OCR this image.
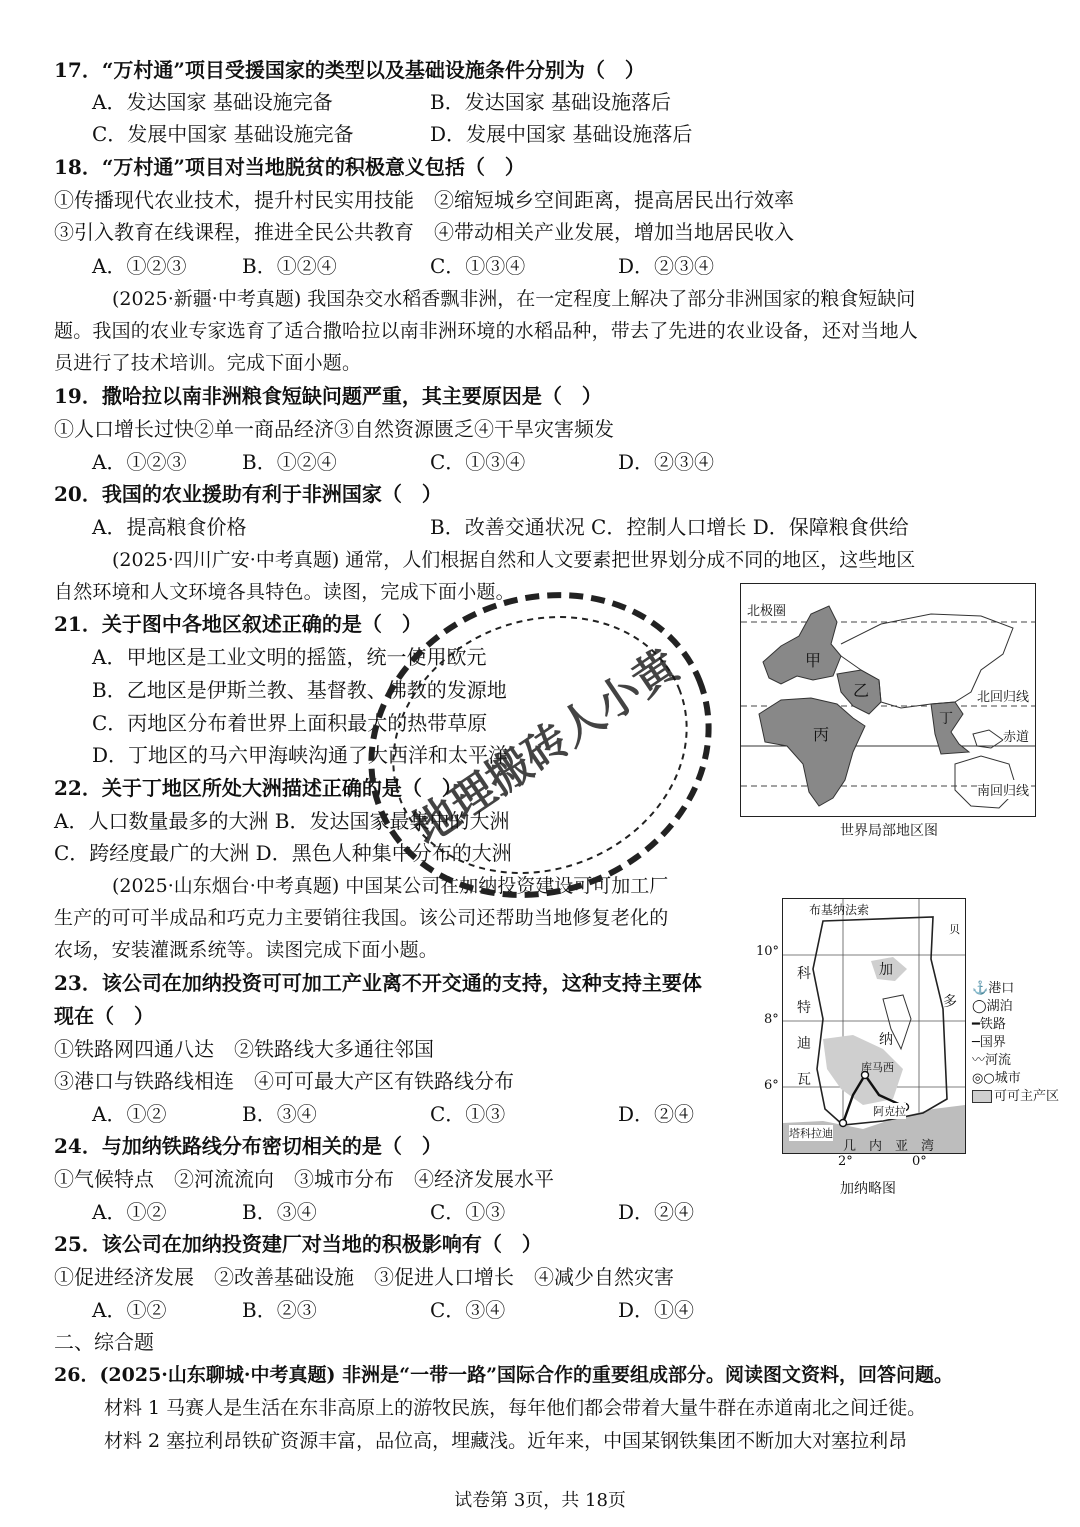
17．“万村通”项目受援国家的类型以及基础设施条件分别为（　）
A．发达国家 基础设施完备	B．发达国家 基础设施落后
C．发展中国家 基础设施完备	D．发展中国家 基础设施落后
18．“万村通”项目对当地脱贫的积极意义包括（　）
①传播现代农业技术，提升村民实用技能　②缩短城乡空间距离，提高居民出行效率
③引入教育在线课程，推进全民公共教育　④带动相关产业发展，增加当地居民收入
A．①②③	B．①②④	C．①③④	D．②③④
(2025·新疆·中考真题) 我国杂交水稻香飘非洲，在一定程度上解决了部分非洲国家的粮食短缺问
题。我国的农业专家选育了适合撒哈拉以南非洲环境的水稻品种，带去了先进的农业设备，还对当地人
员进行了技术培训。完成下面小题。
19．撒哈拉以南非洲粮食短缺问题严重，其主要原因是（　）
①人口增长过快②单一商品经济③自然资源匮乏④干旱灾害频发
A．①②③	B．①②④	C．①③④	D．②③④
20．我国的农业援助有利于非洲国家（　）
A．提高粮食价格	B．改善交通状况 C．控制人口增长 D．保障粮食供给
(2025·四川广安·中考真题) 通常，人们根据自然和人文要素把世界划分成不同的地区，这些地区
自然环境和人文环境各具特色。读图，完成下面小题。
21．关于图中各地区叙述正确的是（　）
A．甲地区是工业文明的摇篮，统一使用欧元
B．乙地区是伊斯兰教、基督教、佛教的发源地
C．丙地区分布着世界上面积最大的热带草原
D．丁地区的马六甲海峡沟通了大西洋和太平洋
22．关于丁地区所处大洲描述正确的是（　）
A．人口数量最多的大洲 B．发达国家最集中的大洲
C．跨经度最广的大洲 D．黑色人种集中分布的大洲
北极圈
北回归线
赤道
南回归线
甲
乙
丙
丁
世界局部地区图
(2025·山东烟台·中考真题) 中国某公司在加纳投资建设可可加工厂
生产的可可半成品和巧克力主要销往我国。该公司还帮助当地修复老化的
农场，安装灌溉系统等。读图完成下面小题。
23．该公司在加纳投资可可加工产业离不开交通的支持，这种支持主要体
现在（　）
①铁路网四通八达　②铁路线大多通往邻国
③港口与铁路线相连　④可可最大产区有铁路线分布
A．①②	B．③④	C．①③	D．②④
24．与加纳铁路线分布密切相关的是（　）
①气候特点　②河流流向　③城市分布　④经济发展水平
A．①②	B．③④	C．①③	D．②④
25．该公司在加纳投资建厂对当地的积极影响有（　）
①促进经济发展　②改善基础设施　③促进人口增长　④减少自然灾害
A．①②	B．②③	C．③④	D．①④
布基纳法索
科
特
迪
瓦
加
纳
多
贝
库马西
阿克拉
塔科拉迪
几　内　亚　湾
10°
8°
6°
2°	0°
加纳略图
⚓港口
◯湖泊
━铁路
─国界
〰河流
◎○城市
可可主产区
二、综合题
26．(2025·山东聊城·中考真题) 非洲是“一带一路”国际合作的重要组成部分。阅读图文资料，回答问题。
材料 1 马赛人是生活在东非高原上的游牧民族，每年他们都会带着大量牛群在赤道南北之间迁徙。
材料 2 塞拉利昂铁矿资源丰富，品位高，埋藏浅。近年来，中国某钢铁集团不断加大对塞拉利昂
地理搬砖人小黄
试卷第 3页，共 18页
